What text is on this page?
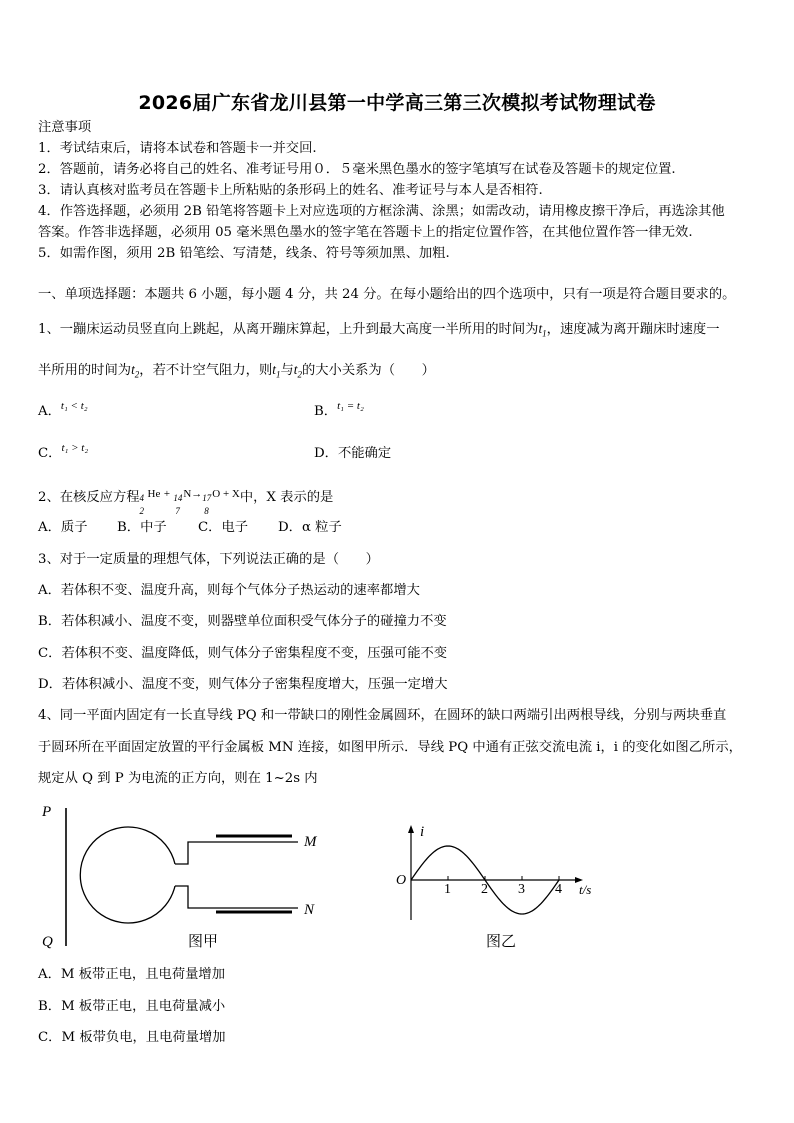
2026届广东省龙川县第一中学高三第三次模拟考试物理试卷
注意事项
1．考试结束后，请将本试卷和答题卡一并交回.
2．答题前，请务必将自己的姓名、准考证号用０．５毫米黑色墨水的签字笔填写在试卷及答题卡的规定位置.
3．请认真核对监考员在答题卡上所粘贴的条形码上的姓名、准考证号与本人是否相符.
4．作答选择题，必须用 2B 铅笔将答题卡上对应选项的方框涂满、涂黑；如需改动，请用橡皮擦干净后，再选涂其他
答案。作答非选择题，必须用 05 毫米黑色墨水的签字笔在答题卡上的指定位置作答，在其他位置作答一律无效.
5．如需作图，须用 2B 铅笔绘、写清楚，线条、符号等须加黑、加粗.
一、单项选择题：本题共 6 小题，每小题 4 分，共 24 分。在每小题给出的四个选项中，只有一项是符合题目要求的。
1、一蹦床运动员竖直向上跳起，从离开蹦床算起，上升到最大高度一半所用的时间为$t_1$，速度减为离开蹦床时速度一
半所用的时间为$t_2$，若不计空气阻力，则$t_1$与$t_2$的大小关系为（　　）
A．$^{t_1 < t_2}$	B．$^{t_1 = t_2}$
C．$^{t_1 > t_2}$	D．不能确定
2、在核反应方程 $^{4 2 He + 14 7 N\to 17 8 O + X}$中，X 表示的是
A．质子 B．中子 C．电子 D．α 粒子
3、对于一定质量的理想气体，下列说法正确的是（　　）
A．若体积不变、温度升高，则每个气体分子热运动的速率都增大
B．若体积减小、温度不变，则器壁单位面积受气体分子的碰撞力不变
C．若体积不变、温度降低，则气体分子密集程度不变，压强可能不变
D．若体积减小、温度不变，则气体分子密集程度增大，压强一定增大
4、同一平面内固定有一长直导线 PQ 和一带缺口的刚性金属圆环，在圆环的缺口两端引出两根导线，分别与两块垂直
于圆环所在平面固定放置的平行金属板 MN 连接，如图甲所示．导线 PQ 中通有正弦交流电流 i，i 的变化如图乙所示，
规定从 Q 到 P 为电流的正方向，则在 1~2s 内
P
Q
M
N
图甲
i
O
t/s
1 2 3 4
图乙
A．M 板带正电，且电荷量增加
B．M 板带正电，且电荷量减小
C．M 板带负电，且电荷量增加
